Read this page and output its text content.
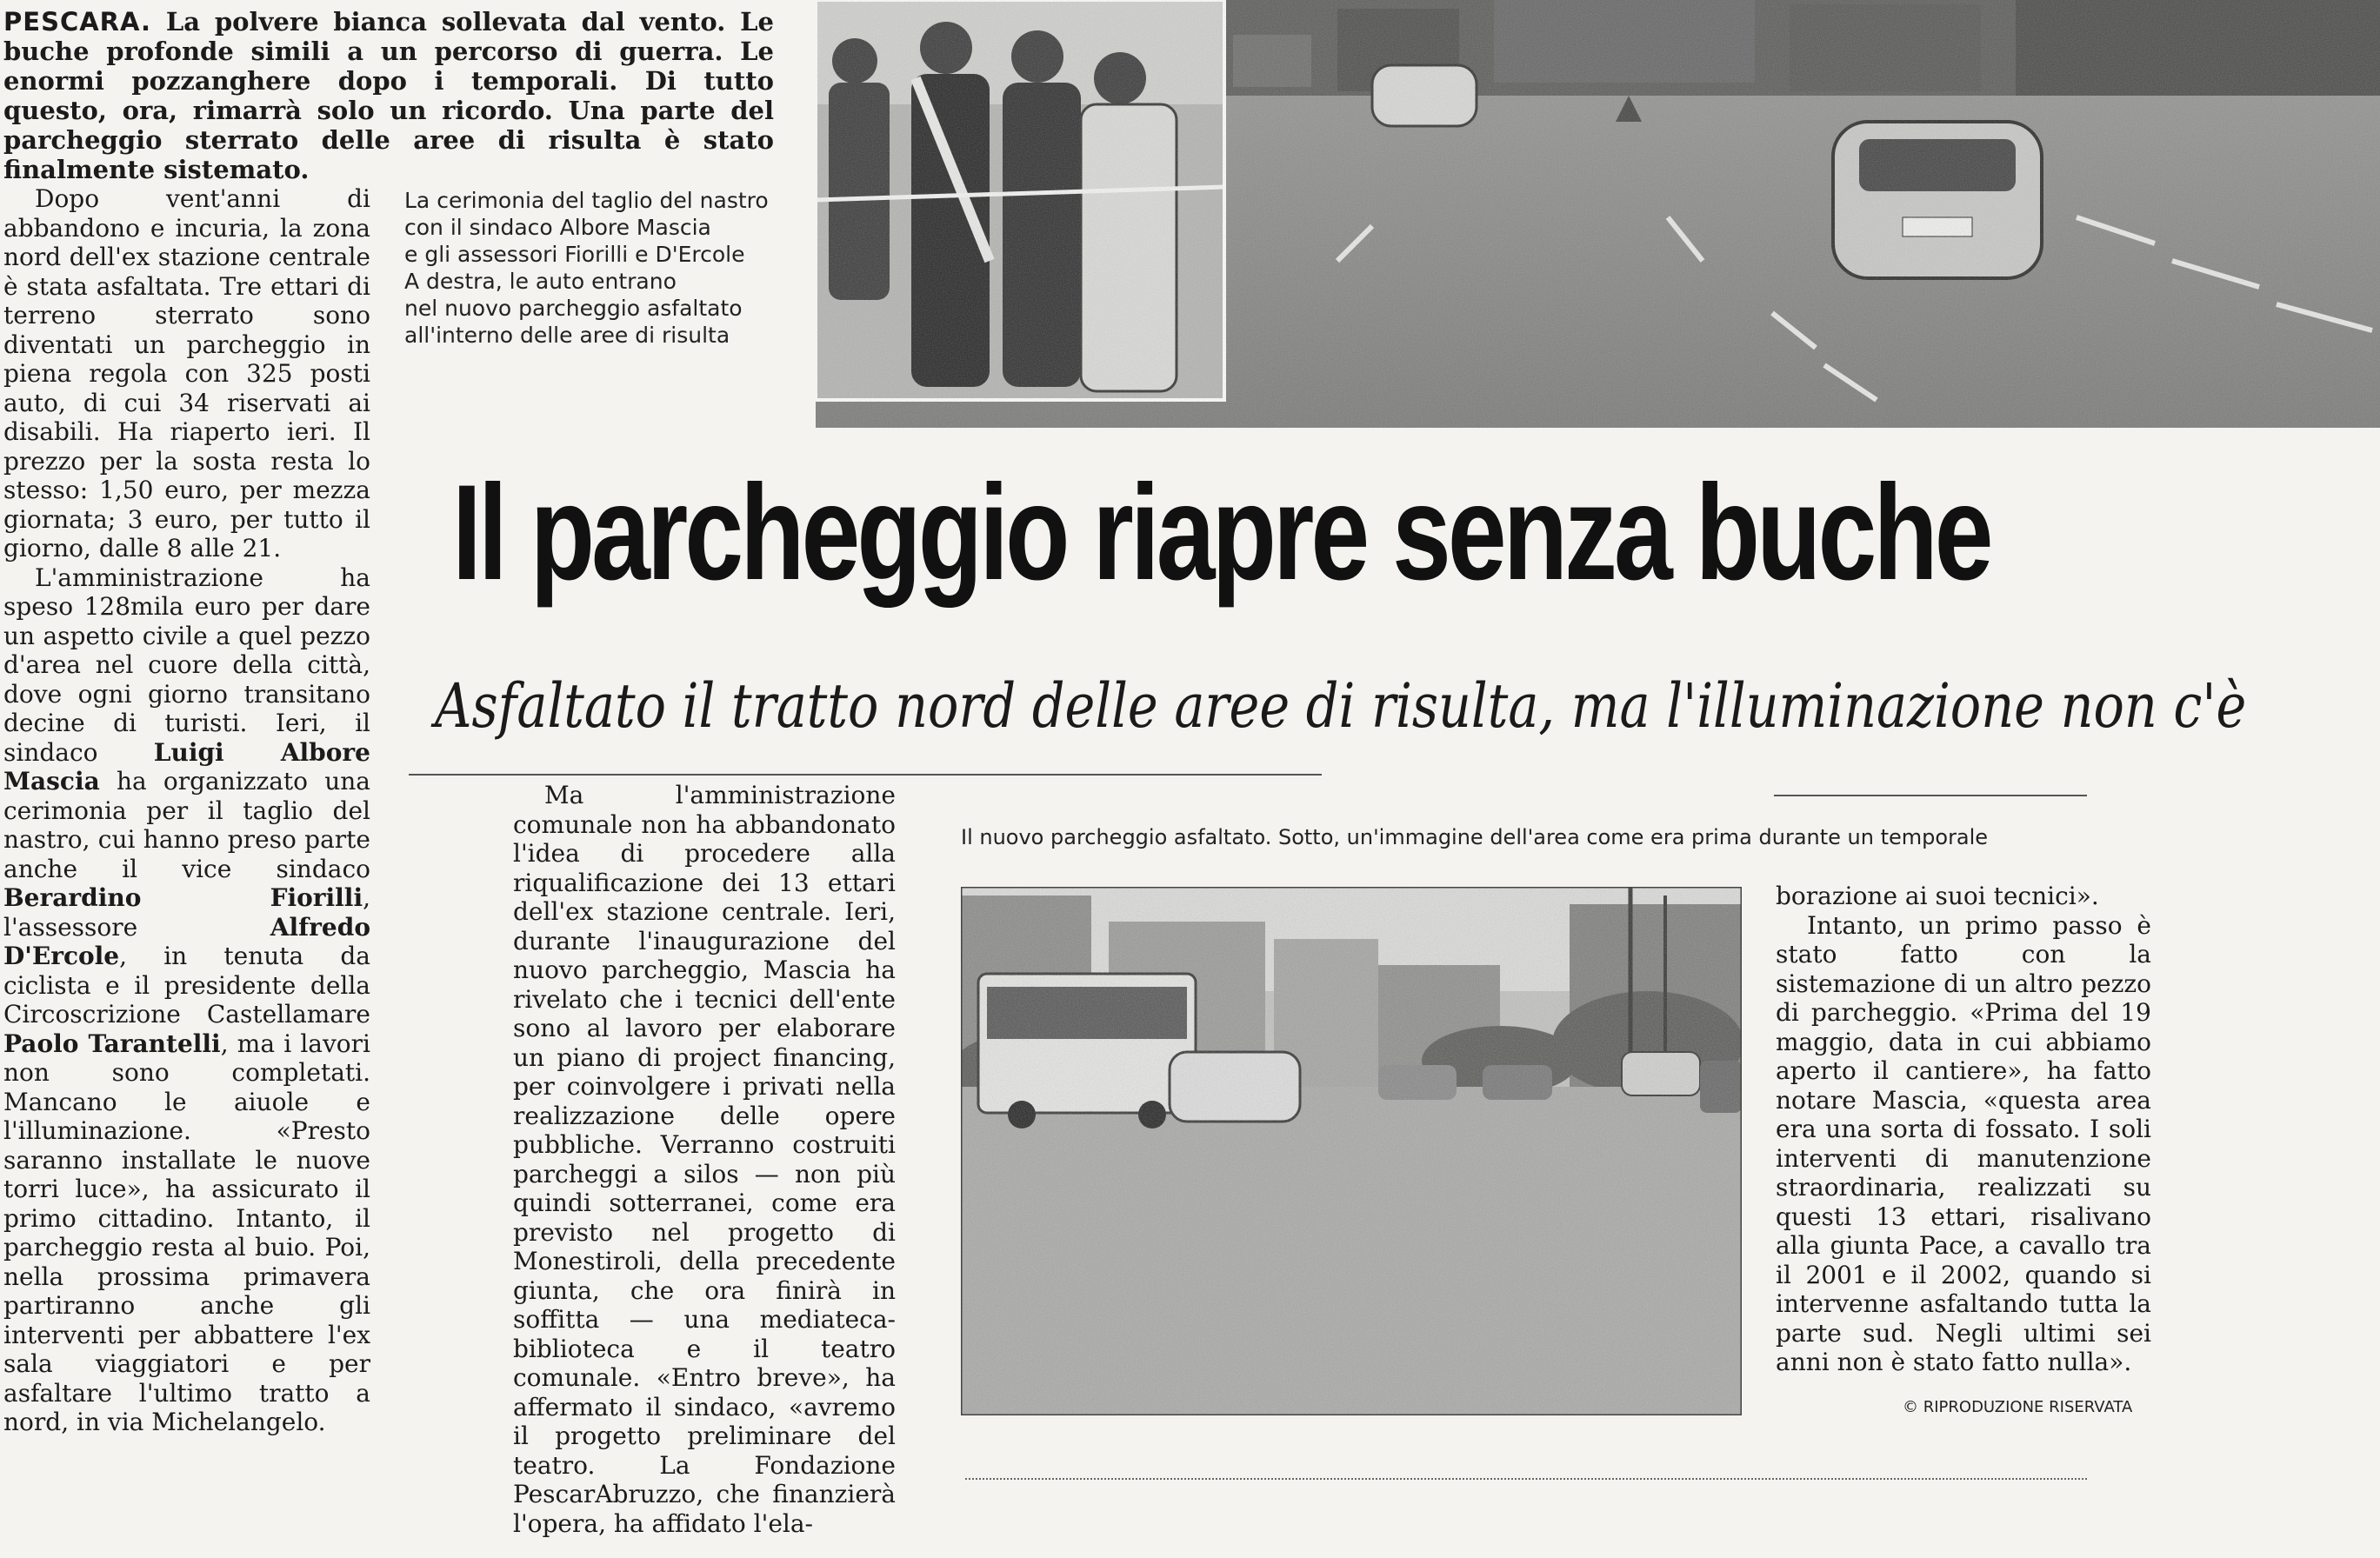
PESCARA. La polvere bianca sollevata dal vento. Le buche profonde simili a un percorso di guerra. Le enormi pozzanghere dopo i temporali. Di tutto questo, ora, rimarrà solo un ricordo. Una parte del parcheggio sterrato delle aree di risulta è stato finalmente sistemato.
La cerimonia del taglio del nastro
con il sindaco Albore Mascia
e gli assessori Fiorilli e D'Ercole
A destra, le auto entrano
nel nuovo parcheggio asfaltato
all'interno delle aree di risulta
Il parcheggio riapre senza buche
Asfaltato il tratto nord delle aree di risulta, ma l'illuminazione non c'è

Dopo vent'anni di abbandono e incuria, la zona nord dell'ex stazione centrale è stata asfaltata. Tre ettari di terreno sterrato sono diventati un parcheggio in piena regola con 325 posti auto, di cui 34 riservati ai disabili. Ha riaperto ieri. Il prezzo per la sosta resta lo stesso: 1,50 euro, per mezza giornata; 3 euro, per tutto il giorno, dalle 8 alle 21.

L'amministrazione ha speso 128mila euro per dare un aspetto civile a quel pezzo d'area nel cuore della città, dove ogni giorno transitano decine di turisti. Ieri, il sindaco Luigi Albore Mascia ha organizzato una cerimonia per il taglio del nastro, cui hanno preso parte anche il vice sindaco Berardino Fiorilli, l'assessore	Alfredo D'Ercole, in tenuta da ciclista e il presidente della Circoscrizione Castellamare Paolo Tarantelli, ma i lavori non sono completati. Mancano le aiuole e l'illuminazione. «Presto saranno installate le nuove torri luce», ha assicurato il primo cittadino. Intanto, il parcheggio resta al buio. Poi, nella prossima primavera partiranno anche gli interventi per abbattere l'ex sala viaggiatori e per asfaltare l'ultimo tratto a nord, in via Michelangelo.

Ma l'amministrazione comunale non ha abbandonato l'idea di procedere alla riqualificazione dei 13 ettari dell'ex stazione centrale. Ieri, durante l'inaugurazione del nuovo parcheggio, Mascia ha rivelato che i tecnici dell'ente sono al lavoro per elaborare un piano di project financing, per coinvolgere i privati nella realizzazione delle opere pubbliche. Verranno costruiti parcheggi a silos — non più quindi sotterranei, come era previsto nel progetto di Monestiroli, della precedente giunta, che ora finirà in soffitta — una mediateca-biblioteca e il teatro comunale. «Entro breve», ha affermato il sindaco, «avremo il progetto preliminare del teatro. La Fondazione PescarAbruzzo, che finanzierà l'opera, ha affidato l'ela-

Il nuovo parcheggio asfaltato. Sotto, un'immagine dell'area come era prima durante un temporale

borazione ai suoi tecnici».

Intanto, un primo passo è stato fatto con la sistemazione di un altro pezzo di parcheggio. «Prima del 19 maggio, data in cui abbiamo aperto il cantiere», ha fatto notare Mascia, «questa area era una sorta di fossato. I soli interventi di manutenzione straordinaria, realizzati su questi 13 ettari, risalivano alla giunta Pace, a cavallo tra il 2001 e il 2002, quando si intervenne asfaltando tutta la parte sud. Negli ultimi sei anni non è stato fatto nulla».

© RIPRODUZIONE RISERVATA
